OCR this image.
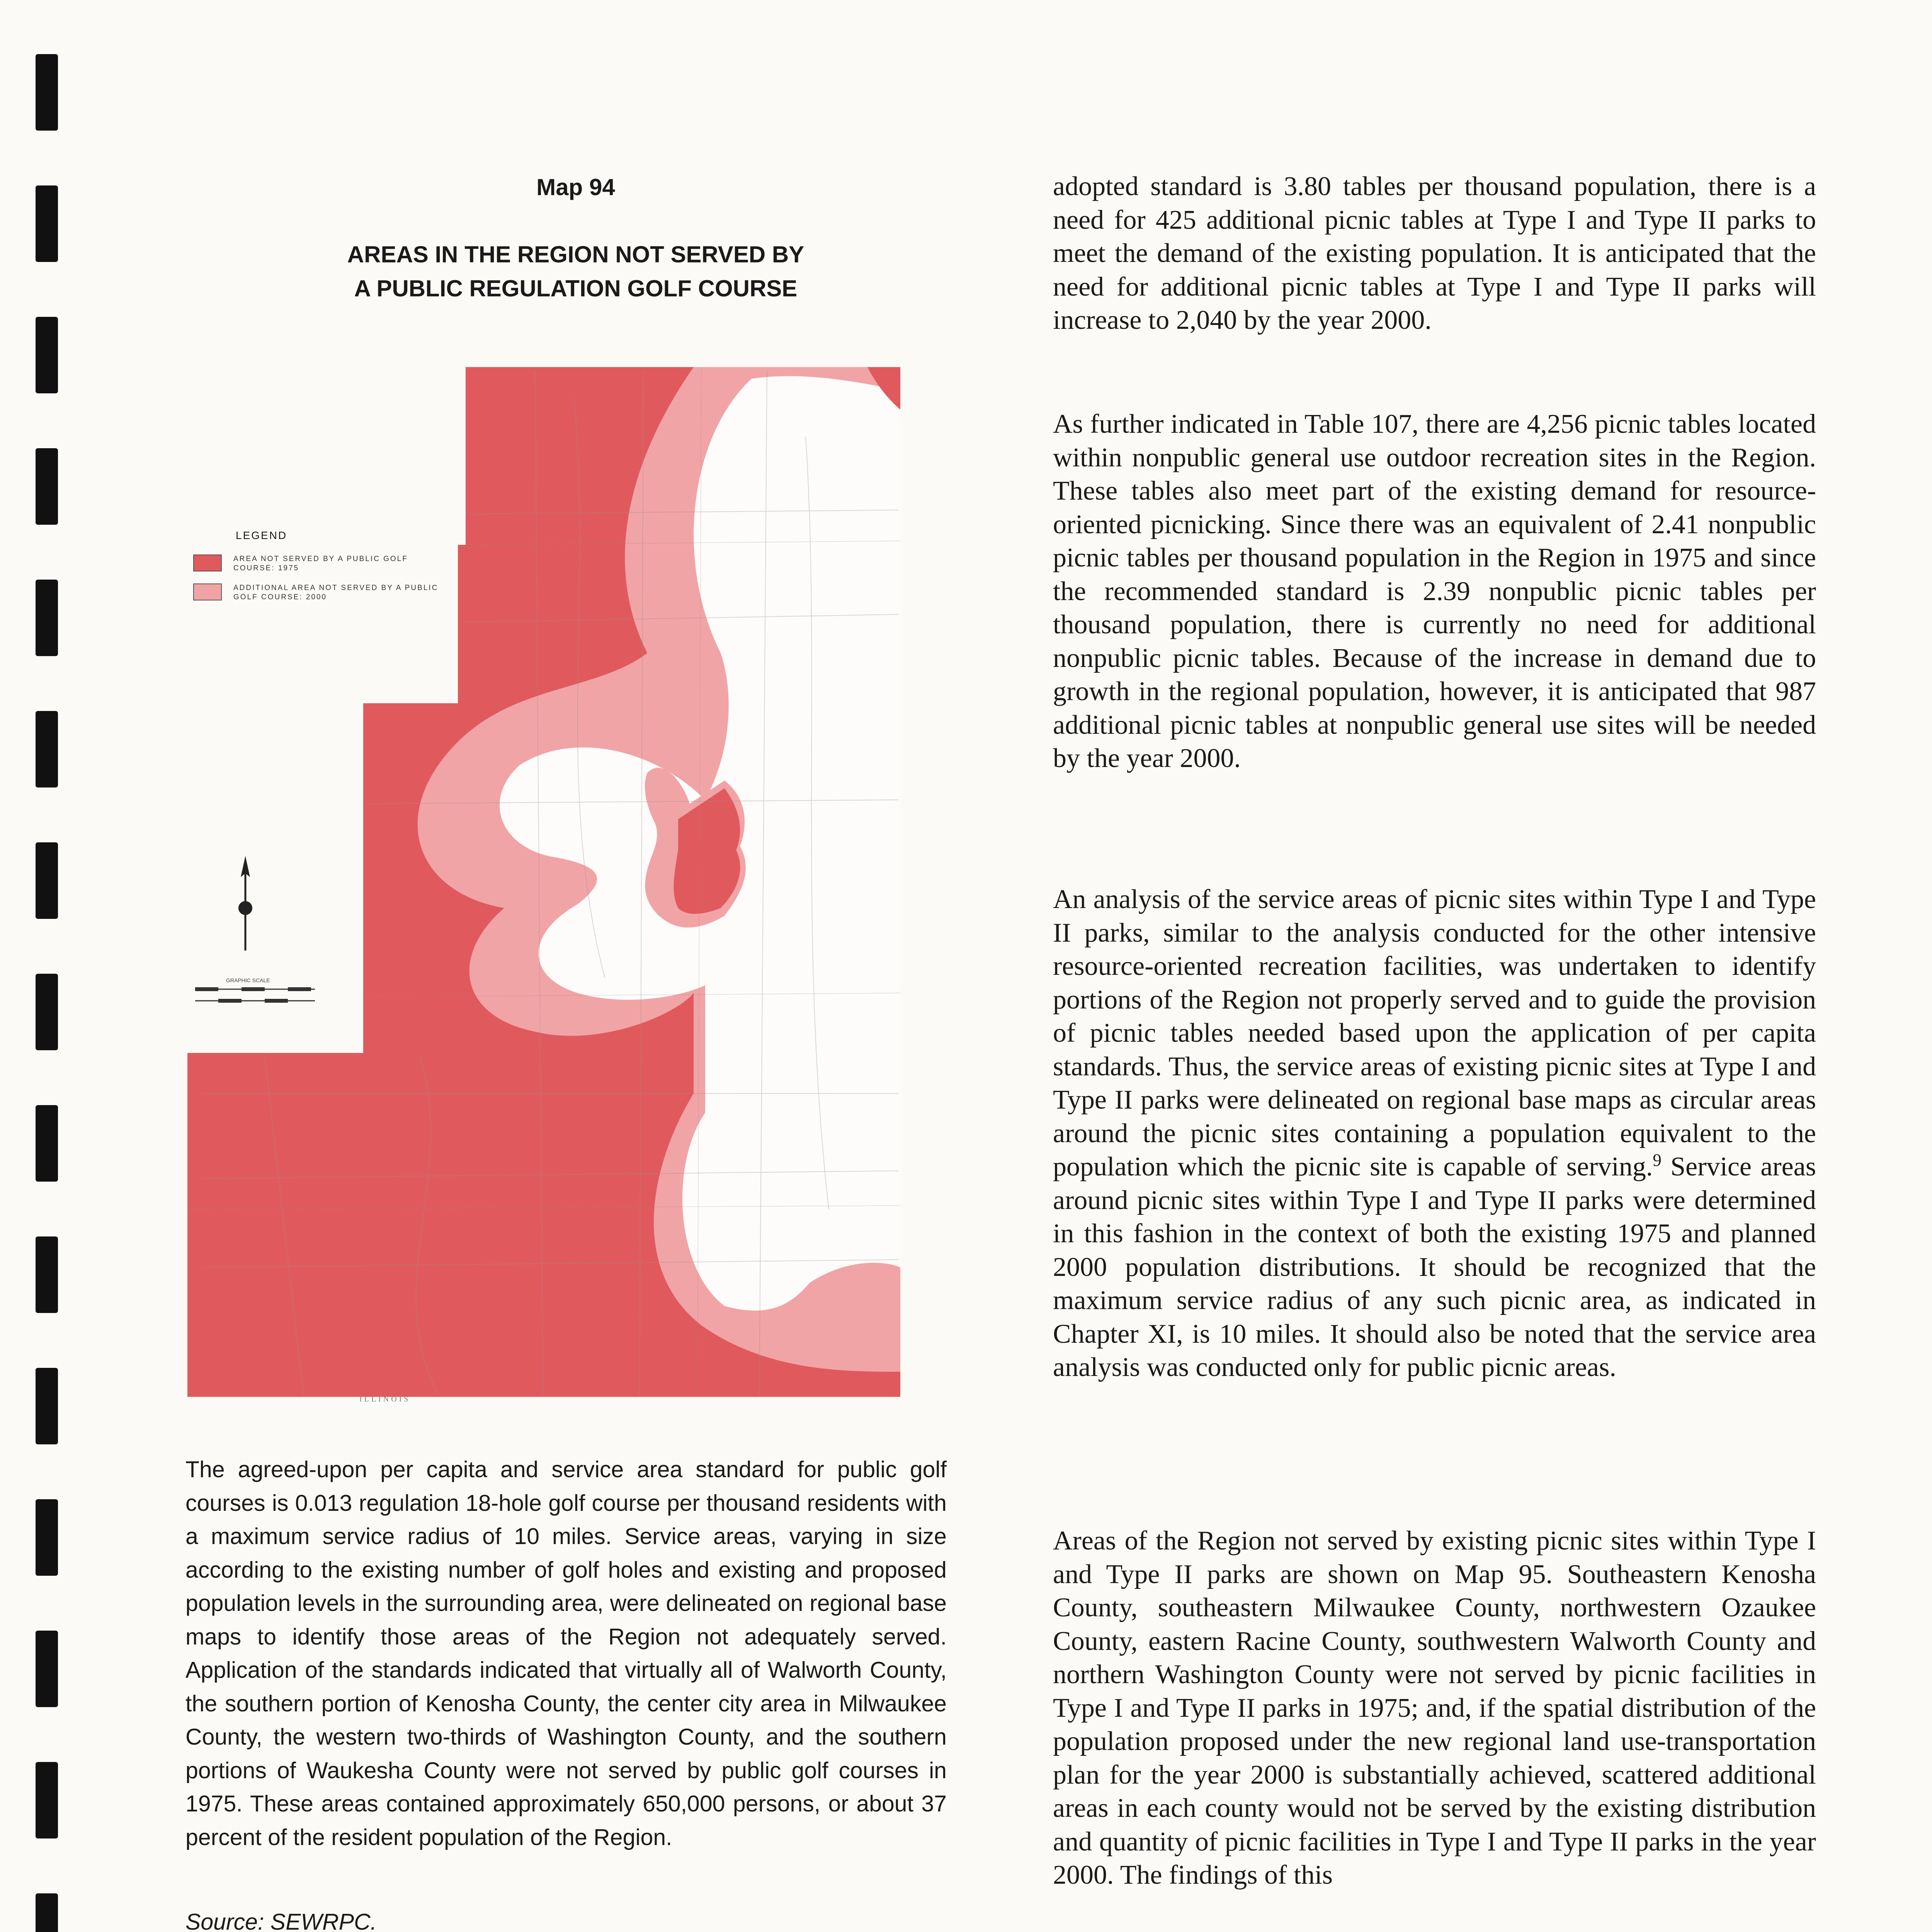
Map 94
AREAS IN THE REGION NOT SERVED BY
A PUBLIC REGULATION GOLF COURSE
GRAPHIC SCALE
LEGEND
AREA NOT SERVED BY A PUBLIC GOLF COURSE: 1975
ADDITIONAL AREA NOT SERVED BY A PUBLIC GOLF COURSE: 2000
ILLINOIS

The agreed-upon per capita and service area standard for public golf courses is 0.013 regulation 18-hole golf course per thousand residents with a maximum service radius of 10 miles. Service areas, varying in size according to the existing number of golf holes and existing and proposed population levels in the surrounding area, were delineated on regional base maps to identify those areas of the Region not adequately served. Application of the standards indicated that virtually all of Walworth County, the southern portion of Kenosha County, the center city area in Milwaukee County, the western two-thirds of Washington County, and the southern portions of Waukesha County were not served by public golf courses in 1975. These areas contained approximately 650,000 persons, or about 37 percent of the resident population of the Region.

Source: SEWRPC.

adopted standard is 3.80 tables per thousand population, there is a need for 425 additional picnic tables at Type I and Type II parks to meet the demand of the existing population. It is anticipated that the need for additional picnic tables at Type I and Type II parks will increase to 2,040 by the year 2000.

As further indicated in Table 107, there are 4,256 picnic tables located within nonpublic general use outdoor recreation sites in the Region. These tables also meet part of the existing demand for resource-oriented picnicking. Since there was an equivalent of 2.41 nonpublic picnic tables per thousand population in the Region in 1975 and since the recommended standard is 2.39 nonpublic picnic tables per thousand population, there is currently no need for additional nonpublic picnic tables. Because of the increase in demand due to growth in the regional population, however, it is anticipated that 987 additional picnic tables at nonpublic general use sites will be needed by the year 2000.

An analysis of the service areas of picnic sites within Type I and Type II parks, similar to the analysis conducted for the other intensive resource-oriented recreation facilities, was undertaken to identify portions of the Region not properly served and to guide the provision of picnic tables needed based upon the application of per capita standards. Thus, the service areas of existing picnic sites at Type I and Type II parks were delineated on regional base maps as circular areas around the picnic sites containing a population equivalent to the population which the picnic site is capable of serving.$^9$ Service areas around picnic sites within Type I and Type II parks were determined in this fashion in the context of both the existing 1975 and planned 2000 population distributions. It should be recognized that the maximum service radius of any such picnic area, as indicated in Chapter XI, is 10 miles. It should also be noted that the service area analysis was conducted only for public picnic areas.

Areas of the Region not served by existing picnic sites within Type I and Type II parks are shown on Map 95. Southeastern Kenosha County, southeastern Milwaukee County, northwestern Ozaukee County, eastern Racine County, southwestern Walworth County and northern Washington County were not served by picnic facilities in Type I and Type II parks in 1975; and, if the spatial distribution of the population proposed under the new regional land use-transportation plan for the year 2000 is substantially achieved, scattered additional areas in each county would not be served by the existing distribution and quantity of picnic facilities in Type I and Type II parks in the year 2000. The findings of this
